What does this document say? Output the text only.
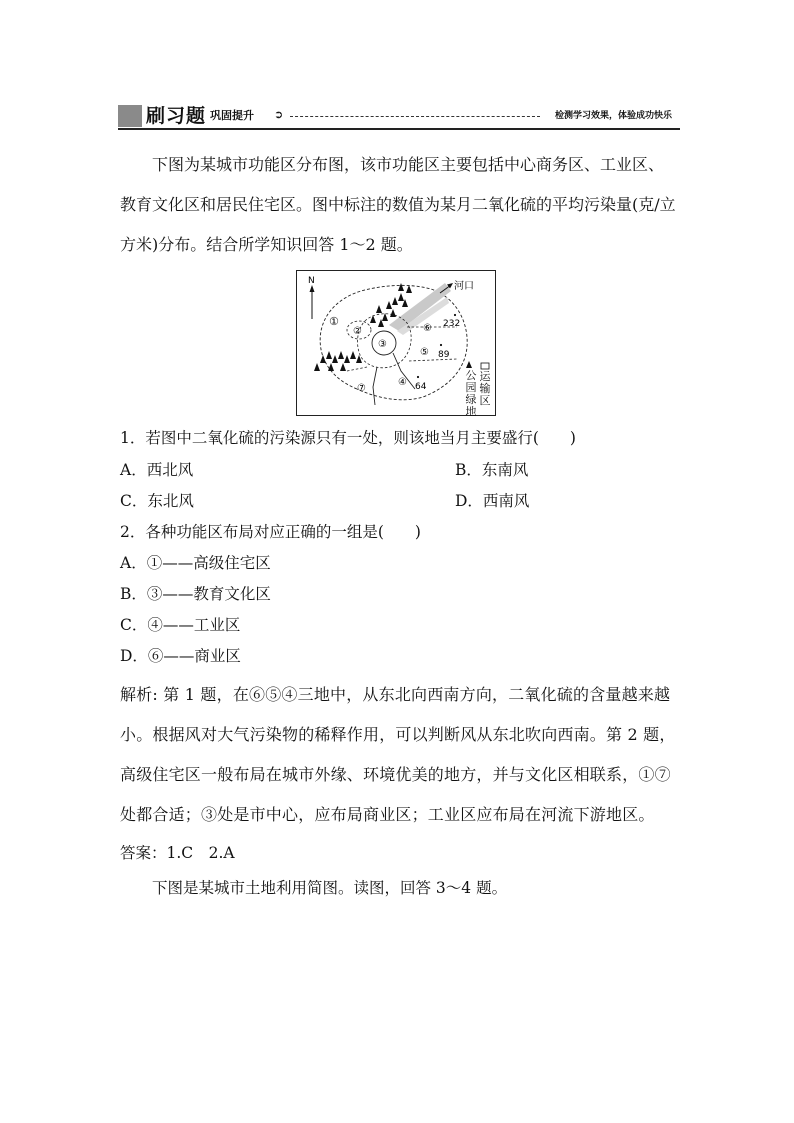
刷习题 巩固提升 ➲	检测学习效果，体验成功快乐

下图为某城市功能区分布图，该市功能区主要包括中心商务区、工业区、教育文化区和居民住宅区。图中标注的数值为某月二氧化硫的平均污染量(克/立方米)分布。结合所学知识回答 1～2 题。

①
②
③
④
⑤
⑥
⑦
232
89
64
N	河口
运输区
公园绿地
1．若图中二氧化硫的污染源只有一处，则该地当月主要盛行(　　)
A．西北风	B．东南风
C．东北风	D．西南风
2．各种功能区布局对应正确的一组是(　　)
A．①——高级住宅区
B．③——教育文化区
C．④——工业区
D．⑥——商业区

解析: 第 1 题，在⑥⑤④三地中，从东北向西南方向，二氧化硫的含量越来越小。根据风对大气污染物的稀释作用，可以判断风从东北吹向西南。第 2 题，高级住宅区一般布局在城市外缘、环境优美的地方，并与文化区相联系，①⑦处都合适；③处是市中心，应布局商业区；工业区应布局在河流下游地区。

答案：1.C　2.A
下图是某城市土地利用简图。读图，回答 3～4 题。
